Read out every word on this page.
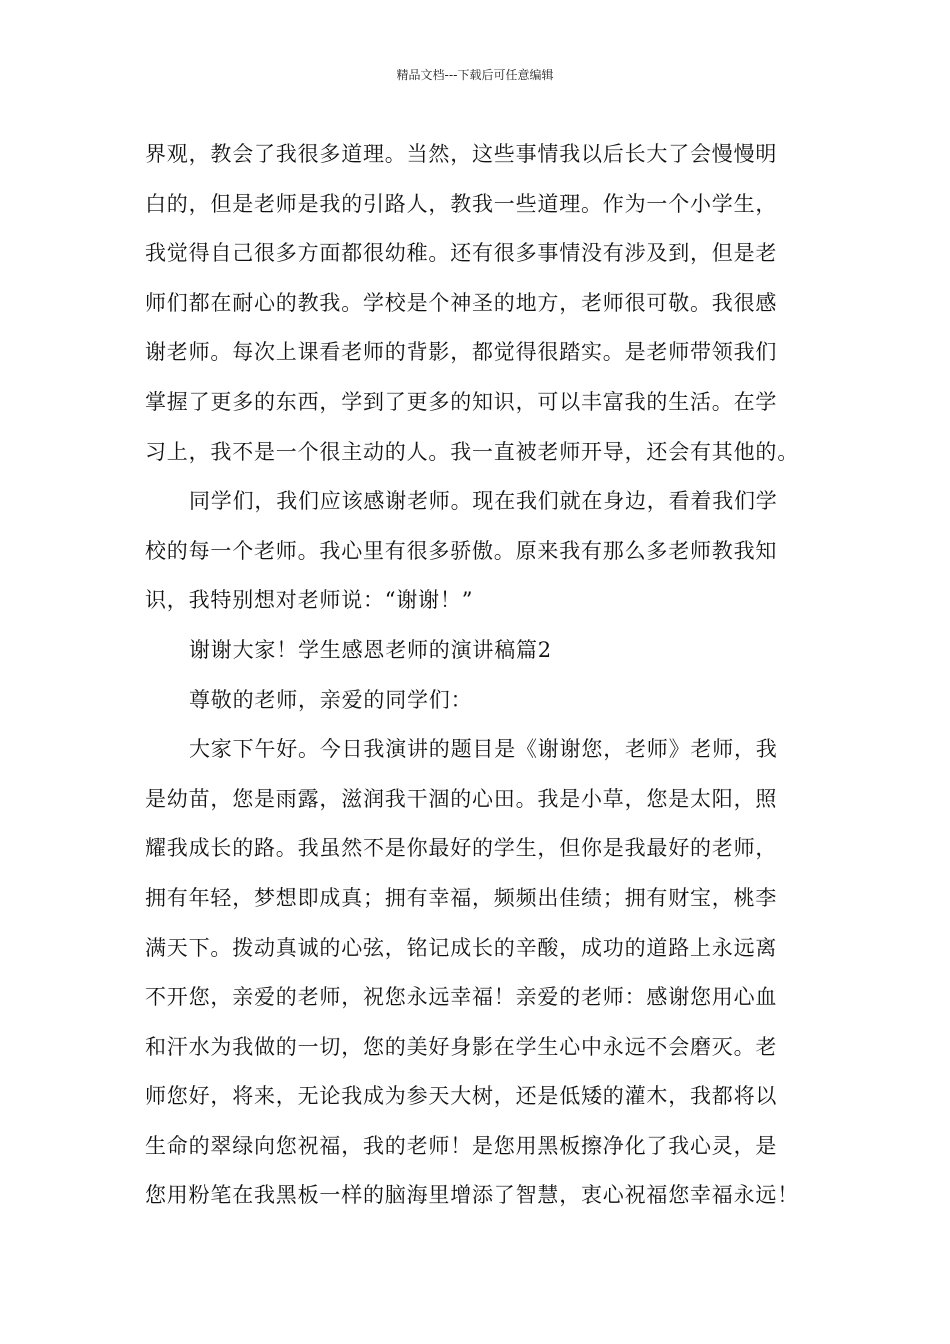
精品文档---下载后可任意编辑
界观，教会了我很多道理。当然，这些事情我以后长大了会慢慢明
白的，但是老师是我的引路人，教我一些道理。作为一个小学生，
我觉得自己很多方面都很幼稚。还有很多事情没有涉及到，但是老
师们都在耐心的教我。学校是个神圣的地方，老师很可敬。我很感
谢老师。每次上课看老师的背影，都觉得很踏实。是老师带领我们
掌握了更多的东西，学到了更多的知识，可以丰富我的生活。在学
习上，我不是一个很主动的人。我一直被老师开导，还会有其他的。
同学们，我们应该感谢老师。现在我们就在身边，看着我们学
校的每一个老师。我心里有很多骄傲。原来我有那么多老师教我知
识，我特别想对老师说：“谢谢！”
谢谢大家！学生感恩老师的演讲稿篇2
尊敬的老师，亲爱的同学们：
大家下午好。今日我演讲的题目是《谢谢您，老师》老师，我
是幼苗，您是雨露，滋润我干涸的心田。我是小草，您是太阳，照
耀我成长的路。我虽然不是你最好的学生，但你是我最好的老师，
拥有年轻，梦想即成真；拥有幸福，频频出佳绩；拥有财宝，桃李
满天下。拨动真诚的心弦，铭记成长的辛酸，成功的道路上永远离
不开您，亲爱的老师，祝您永远幸福！亲爱的老师：感谢您用心血
和汗水为我做的一切，您的美好身影在学生心中永远不会磨灭。老
师您好，将来，无论我成为参天大树，还是低矮的灌木，我都将以
生命的翠绿向您祝福，我的老师！是您用黑板擦净化了我心灵，是
您用粉笔在我黑板一样的脑海里增添了智慧，衷心祝福您幸福永远！
